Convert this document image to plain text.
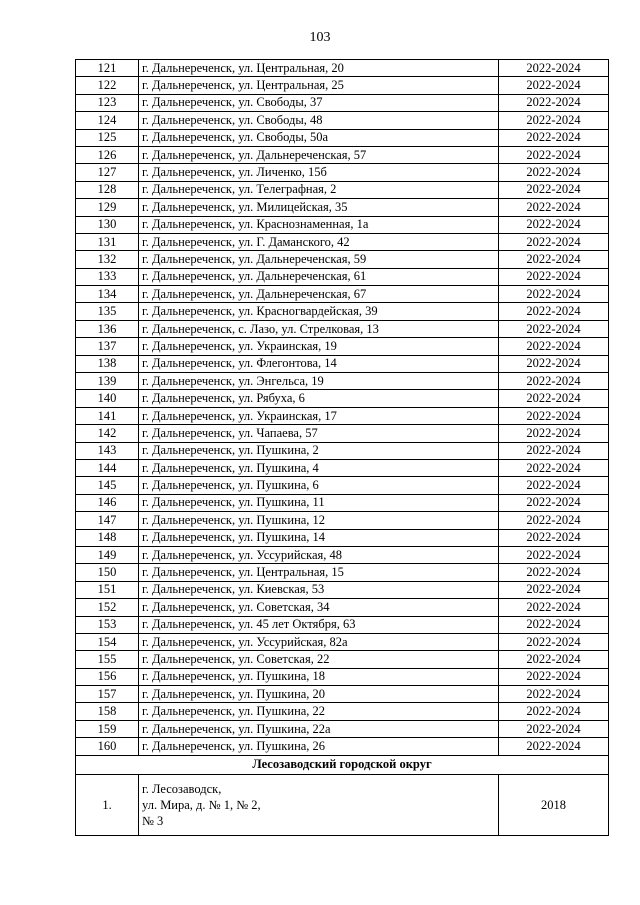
103
121	г. Дальнереченск, ул. Центральная, 20	2022-2024
122	г. Дальнереченск, ул. Центральная, 25	2022-2024
123	г. Дальнереченск, ул. Свободы, 37	2022-2024
124	г. Дальнереченск, ул. Свободы, 48	2022-2024
125	г. Дальнереченск, ул. Свободы, 50а	2022-2024
126	г. Дальнереченск, ул. Дальнереченская, 57	2022-2024
127	г. Дальнереченск, ул. Личенко, 15б	2022-2024
128	г. Дальнереченск, ул. Телеграфная, 2	2022-2024
129	г. Дальнереченск, ул. Милицейская, 35	2022-2024
130	г. Дальнереченск, ул. Краснознаменная, 1а	2022-2024
131	г. Дальнереченск, ул. Г. Даманского, 42	2022-2024
132	г. Дальнереченск, ул. Дальнереченская, 59	2022-2024
133	г. Дальнереченск, ул. Дальнереченская, 61	2022-2024
134	г. Дальнереченск, ул. Дальнереченская, 67	2022-2024
135	г. Дальнереченск, ул. Красногвардейская, 39	2022-2024
136	г. Дальнереченск, с. Лазо, ул. Стрелковая, 13	2022-2024
137	г. Дальнереченск, ул. Украинская, 19	2022-2024
138	г. Дальнереченск, ул. Флегонтова, 14	2022-2024
139	г. Дальнереченск, ул. Энгельса, 19	2022-2024
140	г. Дальнереченск, ул. Рябуха, 6	2022-2024
141	г. Дальнереченск, ул. Украинская, 17	2022-2024
142	г. Дальнереченск, ул. Чапаева, 57	2022-2024
143	г. Дальнереченск, ул. Пушкина, 2	2022-2024
144	г. Дальнереченск, ул. Пушкина, 4	2022-2024
145	г. Дальнереченск, ул. Пушкина, 6	2022-2024
146	г. Дальнереченск, ул. Пушкина, 11	2022-2024
147	г. Дальнереченск, ул. Пушкина, 12	2022-2024
148	г. Дальнереченск, ул. Пушкина, 14	2022-2024
149	г. Дальнереченск, ул. Уссурийская, 48	2022-2024
150	г. Дальнереченск, ул. Центральная, 15	2022-2024
151	г. Дальнереченск, ул. Киевская, 53	2022-2024
152	г. Дальнереченск, ул. Советская, 34	2022-2024
153	г. Дальнереченск, ул. 45 лет Октября, 63	2022-2024
154	г. Дальнереченск, ул. Уссурийская, 82а	2022-2024
155	г. Дальнереченск, ул. Советская, 22	2022-2024
156	г. Дальнереченск, ул. Пушкина, 18	2022-2024
157	г. Дальнереченск, ул. Пушкина, 20	2022-2024
158	г. Дальнереченск, ул. Пушкина, 22	2022-2024
159	г. Дальнереченск, ул. Пушкина, 22а	2022-2024
160	г. Дальнереченск, ул. Пушкина, 26	2022-2024
Лесозаводский городской округ		
1.	г. Лесозаводск,
ул. Мира, д. № 1, № 2,
№ 3	2018
